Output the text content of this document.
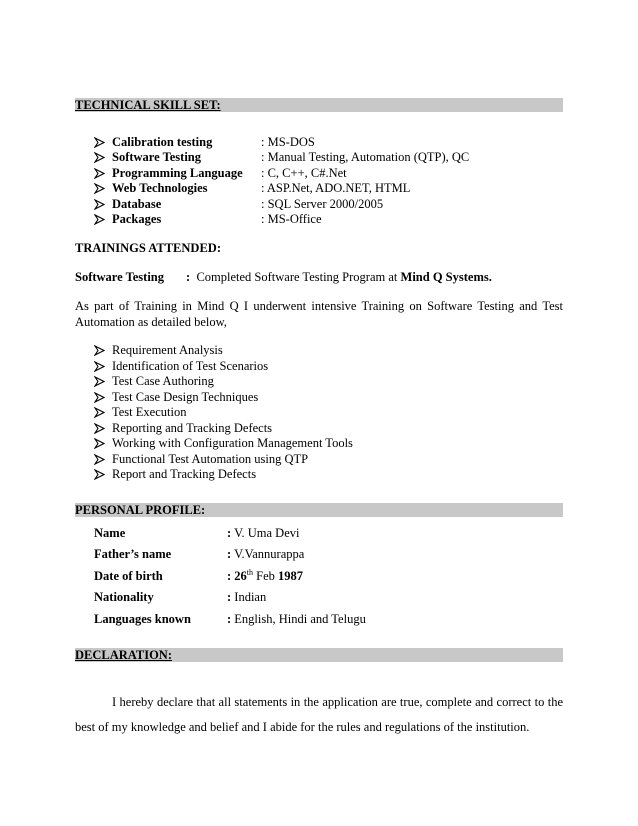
TECHNICAL SKILL SET:
Calibration testing	: MS-DOS
Software Testing	: Manual Testing, Automation (QTP), QC
Programming Language : C, C++, C#.Net
Web Technologies	: ASP.Net, ADO.NET, HTML
Database	: SQL Server 2000/2005
Packages	: MS-Office
TRAININGS ATTENDED:
Software Testing : Completed Software Testing Program at Mind Q Systems.
As part of Training in Mind Q I underwent intensive Training on Software Testing and Test Automation as detailed below,
Requirement Analysis
Identification of Test Scenarios
Test Case Authoring
Test Case Design Techniques
Test Execution
Reporting and Tracking Defects
Working with Configuration Management Tools
Functional Test Automation using QTP
Report and Tracking Defects
PERSONAL PROFILE:
Name	: V. Uma Devi
Father’s name	: V.Vannurappa
Date of birth	: 26th Feb 1987
Nationality	: Indian
Languages known	: English, Hindi and Telugu
DECLARATION:
I hereby declare that all statements in the application are true, complete and correct to the best of my knowledge and belief and I abide for the rules and regulations of the institution.
